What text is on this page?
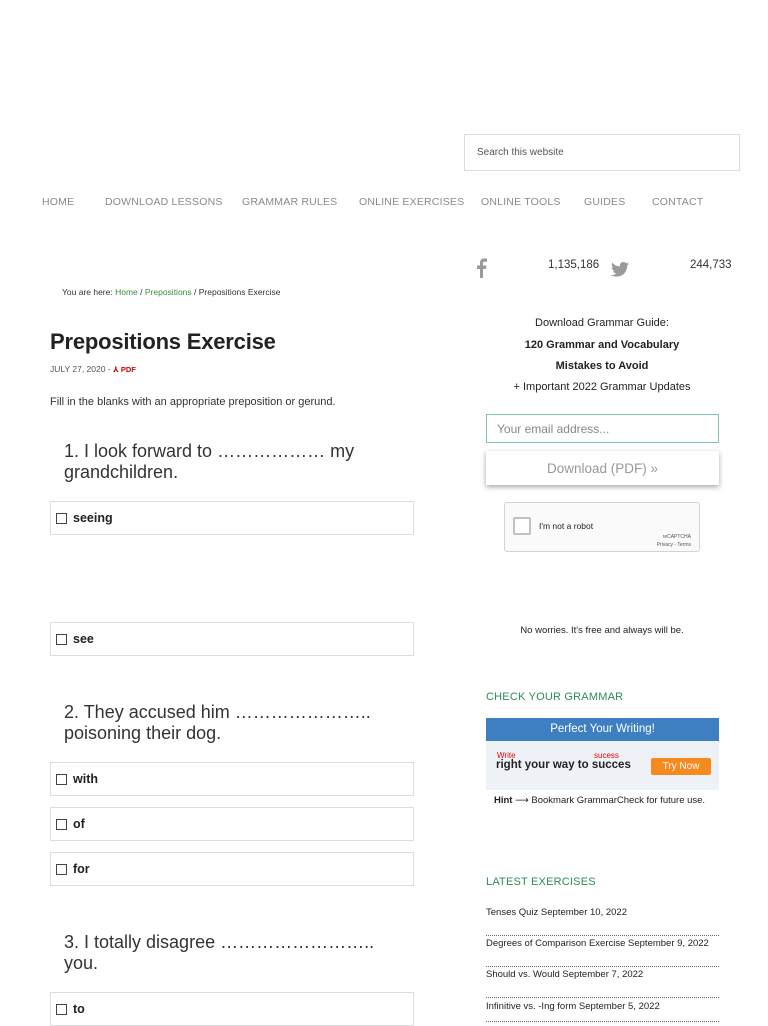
Search this website
HOME	DOWNLOAD LESSONS GRAMMAR RULES ONLINE EXERCISES ONLINE TOOLS GUIDES	CONTACT
1,135,186	244,733
You are here: Home / Prepositions / Prepositions Exercise
Prepositions Exercise
JULY 27, 2020 - ⅄ PDF
Fill in the blanks with an appropriate preposition or gerund.
1. I look forward to ……………… my grandchildren.
seeing
see
2. They accused him ………………….. poisoning their dog.
with
of
for
3. I totally disagree …………………….. you.
to
Download Grammar Guide:
120 Grammar and Vocabulary
Mistakes to Avoid
+ Important 2022 Grammar Updates
Your email address...
Download (PDF) »
I'm not a robot
reCAPTCHA
Privacy - Terms
No worries. It's free and always will be.
CHECK YOUR GRAMMAR
Perfect Your Writing!
Write	sucess
right your way to succes	Try Now
Hint ⟶ Bookmark GrammarCheck for future use.
LATEST EXERCISES
Tenses Quiz September 10, 2022
Degrees of Comparison Exercise September 9, 2022
Should vs. Would September 7, 2022
Infinitive vs. -Ing form September 5, 2022
